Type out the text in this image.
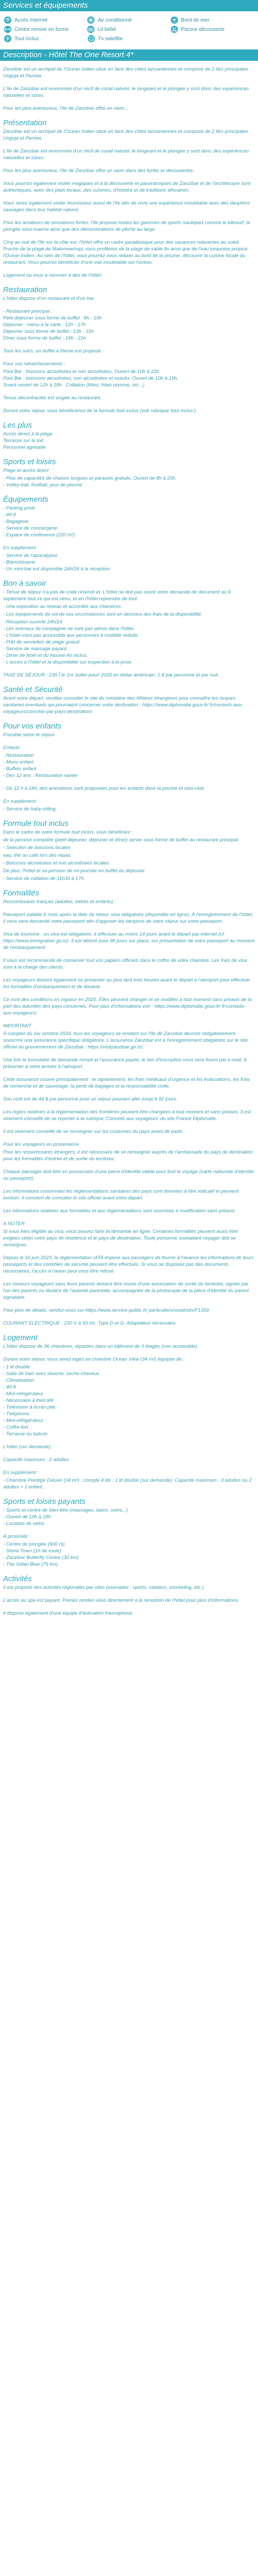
Services et équipements
Accès Internet	Air conditionné	Bord de mer
Centre remise en forme	Lit bébé	Piscine découverte
Tout inclus	Tv satellite
Description - Hôtel The One Resort 4*
Zanzibar est un archipel de l'Océan Indien situé en face des côtes tanzaniennes et composé de 2 îles principales Unguja et Pemba.
L'île de Zanzibar est renommée d'un récif de corail naturel, le longeant et le plongée y sont donc des expériences naturelles et sûres.
Pour les plus aventureux, l'île de Zanzibar offre un ravin...
Présentation
Zanzibar est un archipel de l'Océan Indien situé en face des côtes tanzaniennes et composé de 2 îles principales Unguja et Pemba.
L'île de Zanzibar est renommée d'un récif de corail naturel, le longeant et le plongée y sont donc des expériences naturelles et sûres.
Pour les plus aventureux, l'île de Zanzibar offre un ravin dans des forêts et découvertes.
Vous pourrez également visiter magiques et à la découverte et panoramiques de Zanzibar et de l'architecture sont authentiques, avec des plats locaux, des cuisines, d'histoire et de traditions africaines.
Vous serez également visiter fournisseur ouest de l'île afin de vivre une expérience inoubliable avec des dauphins sauvages dans leur habitat naturel.
Pour les amateurs de sensations fortes, l'île propose toutes les gammes de sports nautiques comme le kitesurf, la plongée sous-marine ainsi que des démonstrations de pêche au large.
Cinq au sud de l'île sur la côte est, l'hôtel offre un cadre paradisiaque pour des vacances relaxantes au soleil. Proche de la plage de Matemwe/mpi, vous profiterez de la plage de sable fin ainsi que de l'eau turquoise propice l'Océan Indien. Au sein de l'hôtel, vous pourrez vous relaxer au bord de la piscine, découvrir la cuisine locale du restaurant. Vous pourrez bénéficier d'une vue inoubliable sur l'océan.
Logement ou vous a nommer à des de l'hôtel.
Restauration
L'hôtel dispose d'un restaurant et d'un bar.
- Restaurant principal :
Petit-déjeuner sous forme de buffet : 8h - 10h
Déjeuner : menu à la carte : 12h - 17h
Déjeuner sous forme de buffet : 13h - 15h
Dîner sous forme de buffet : 19h - 21h
Tous les soirs, un buffet à thème est proposé.
Pour vos rafraîchissements :
Pool Bar : boissons alcoolisées et non alcoolisées. Ouvert de 10h à 22h.
Pool Bar : boissons alcoolisées, non alcoolisées et snacks. Ouvert de 10h à 19h.
Snack ouvert de 12h à 18h : Collation (frites, frites pomme, etc...)
Tenue décontractée est exigée au restaurant.
Durant votre séjour, vous bénéficierez de la formule tout inclus (voir rubrique 'tout inclus').
Les plus
Accès direct à la plage
Terrasse sur le toit
Personnel agréable
Sports et loisirs
Plage et accès direct :
- Plus de capacités de chaises longues et parasols gratuits. Ouvert de 8h à 20h.
- Volley-ball, football, jeux de piscine
Équipements
- Parking privé
- Wi-fi
- Bagagerie
- Service de conciergerie
- Espace de conférence (220 m²)
En supplément :
- Service de l'apocalypse
- Blanchisserie
- Un mini-bar est disponible 24h/24 à la réception
Bon à savoir
- Tenue de séjour n'a pas de code réservé et. L'hôtel ne doit pas ouvrir votre demande de document au 6 septembre tout ce qui est venu, et en l'hôtel reprendre de tout.
- Une exposition au réseau et accordée aux chambres.
- Les équipements de vol de ces circonstances sont en dessous des frais de la disponibilité.
- Réception ouverte 24h/24
- Les animaux de compagnie ne sont pas admis dans l'hôtel.
- L'hôtel n'est pas accessible aux personnes à mobilité réduite.
- Prêt de serviettes de plage gratuit.
- Service de massage payant.
- Dîner de Noël et du Nouvel An inclus.
- L'accès à l'hôtel et la disponibilité sur inspection à la prise.
TAXE DE SÉJOUR : 230 Î le 1nt Juillet pour/ 2025 en dollar américain: 1 $ par personne et par nuit.
Santé et Sécurité
Avant votre départ, veuillez consulter le site du ministère des Affaires étrangères pour connaître les risques sanitaires éventuels qui pourraient concerner votre destination : https://www.diplomatie.gouv.fr/ fr/conseils-aux-voyageurs/conseils-par-pays-destination/
Pour vos enfants
Possible selon le séjour
Enfants
- Restauration
- Menu enfant
- Buffets enfant
- Dès 12 ans : Restauration variée
- De 12 h à 18h, des animations sont proposées pour les enfants dans la piscine et mini-club.
En supplément :
- Service de baby-sitting
Formule tout inclus
Dans le cadre de votre formule tout inclus, vous bénéficiez :
de la pension complète (petit-déjeuner, déjeuner et dîner) servie sous forme de buffet au restaurant principal.
- Sélection de boissons locales
eau, thé ou café lors des repas.
- Boissons alcoolisées et non alcoolisées locales.
De plus, l'hôtel et sa pension de mi-journée en buffet du déjeuner.
- Service de collation de 11h30 à 17h.
Formalités
Ressortissants français (adultes, bébés et enfants) :
Passeport valable 6 mois après la date de retour, visa obligatoire (disponible en ligne). À l'enregistrement de l'hôtel, il vous sera demandé votre passeport afin d'apposer les tampons de votre séjour sur votre passeport.
Visa de tourisme : un visa est obligatoire, à effectuer au moins 14 jours avant le départ par internet (cf. https://www.immigration.go.tz). Il est délivré pour 90 jours sur place, sur présentation de votre passeport au moment de l'embarquement.
Il vous est recommandé de conserver tout vos papiers officiels dans le coffre de votre chambre. Les frais de visa sont à la charge des clients.
Les voyageurs doivent également se présenter au plus tard trois heures avant le départ à l'aéroport pour effectuer les formalités d'embarquement et de douane.
Ce sont des conditions en vigueur en 2025. Elles peuvent changer et se modifier à tout moment sans préavis de la part des autorités des pays concernés. Pour plus d'informations voir : https://www.diplomatie.gouv.fr/ fr/conseils-aux-voyageurs/
IMPORTANT
À compter du 1er octobre 2024, tous les voyageurs se rendant sur l'île de Zanzibar devront obligatoirement souscrire une assurance spécifique obligatoire. L'assurance Zanzibar est à l'enregistrement obligatoire sur le site officiel du gouvernement de Zanzibar : https://visitzanzibar.go.tz/.
Une fois le formulaire de demande rempli et l'assurance payée, le lien d'inscription vous sera fourni par e-mail, à présenter à votre arrivée à l'aéroport.
Cette assurance couvre principalement : le rapatriement, les frais médicaux d'urgence et les évacuations, les frais de recherche et de sauvetage, la perte de bagages et la responsabilité civile.
Son coût est de 44 $ par personne pour un séjour pouvant aller jusqu'à 92 jours.
Les règles relatives à la réglementation des frontières peuvent être changées à tout moment et sans préavis. Il est vivement conseillé de se reporter à la rubrique 'Conseils aux voyageurs' du site France Diplomatie.
Il est vivement conseillé de se renseigner sur les coutumes du pays avant de partir.
Pour les voyageurs en provenance
Pour les ressortissants étrangers, il est nécessaire de se renseigner auprès de l'ambassade du pays de destination pour les formalités d'entrée et de sortie du territoire.
Chaque passager doit être en possession d'une pièce d'identité valide pour tout le voyage (carte nationale d'identité ou passeport).
Les informations concernant les règlementations sanitaires des pays sont données à titre indicatif et peuvent évoluer. Il convient de consulter le site officiel avant votre départ.
Les informations relatives aux formalités et aux réglementations sont soumises à modification sans préavis.
A NOTER
Si vous êtes éligible au visa, vous pouvez faire la demande en ligne. Certaines formalités peuvent aussi être exigées selon votre pays de résidence et le pays de destination. Toute personne souhaitant voyager doit se renseigner.
Depuis le 16 juin 2023, la réglementation IATA impose aux passagers de fournir à l'avance les informations de leurs passeports et des contrôles de sécurité peuvent être effectués. Si vous ne disposez pas des documents nécessaires, l'accès à l'avion peut vous être refusé.
Les mineurs voyageant sans leurs parents doivent être munis d'une autorisation de sortie du territoire, signée par l'un des parents ou titulaire de l'autorité parentale, accompagnée de la photocopie de la pièce d'identité du parent signataire.
Pour plus de détails, rendez-vous sur https://www.service-public.fr/ particuliers/vosdroits/F1359
COURANT ELECTRIQUE : 230 V à 50 Hz. Type D et G. Adaptateur nécessaire.
Logement
L'hôtel dispose de 36 chambres, réparties dans un bâtiment de 3 étages (non accessible).
Durant votre séjour, vous serez logés en chambre Ocean View (34 m²) équipée de :
- 1 lit double
- Salle de bain avec douche, sèche-cheveux
- Climatisation
- Wi-fi
- Mini-réfrigérateur
- Nécessaire à thé/café
- Télévision à écran plat
- Téléphone
- Mini-réfrigérateur
- Coffre-fort
- Terrasse ou balcon
L'hôtel (sur demande) :
Capacité maximum : 2 adultes
En supplément :
- Chambre Prestige Deluxe (34 m²) : compte 4 lits : 1 lit double (sur demande). Capacité maximum : 3 adultes ou 2 adultes + 1 enfant.
Sports et loisirs payants
- Sports et centre de bien-être (massages, bains, soins...)
- Ouvert de 10h à 18h.
- Location de vélos
À proximité :
- Centre de plongée (600 m)
- Stone Town (1h de route)
- Zanzibar Butterfly Centre (32 km)
- The Safari Blue (75 km)
Activités
Il est proposé des activités régionales par sites (exemples : sports, natation, snorkeling, etc.)
L'accès au spa est payant. Prenez rendez-vous directement à la réception de l'hôtel pour plus d'informations.
Il dispose également d'une équipe d'animation francophone.
